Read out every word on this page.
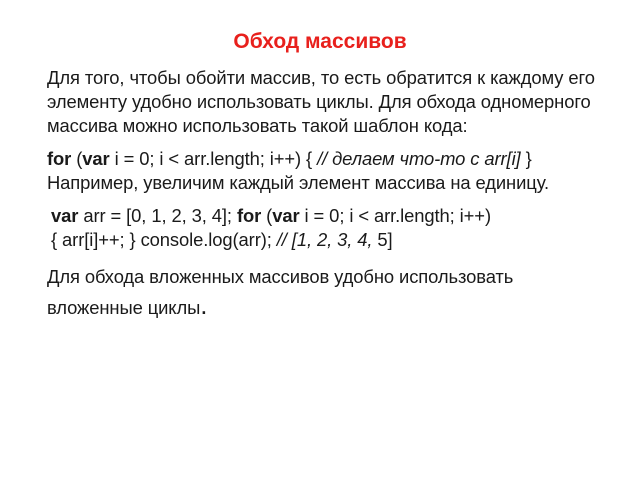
Обход массивов

Для того, чтобы обойти массив, то есть обратится к каждому его элементу удобно использовать циклы. Для обхода одномерного массива можно использовать такой шаблон кода:

for (var i = 0; i < arr.length; i++) { // делаем что-то с arr[i] }Например, увеличим каждый элемент массива на единицу.

var arr = [0, 1, 2, 3, 4]; for (var i = 0; i < arr.length; i++)
{ arr[i]++; } console.log(arr); // [1, 2, 3, 4, 5]

Для обхода вложенных массивов удобно использовать вложенные циклы.
